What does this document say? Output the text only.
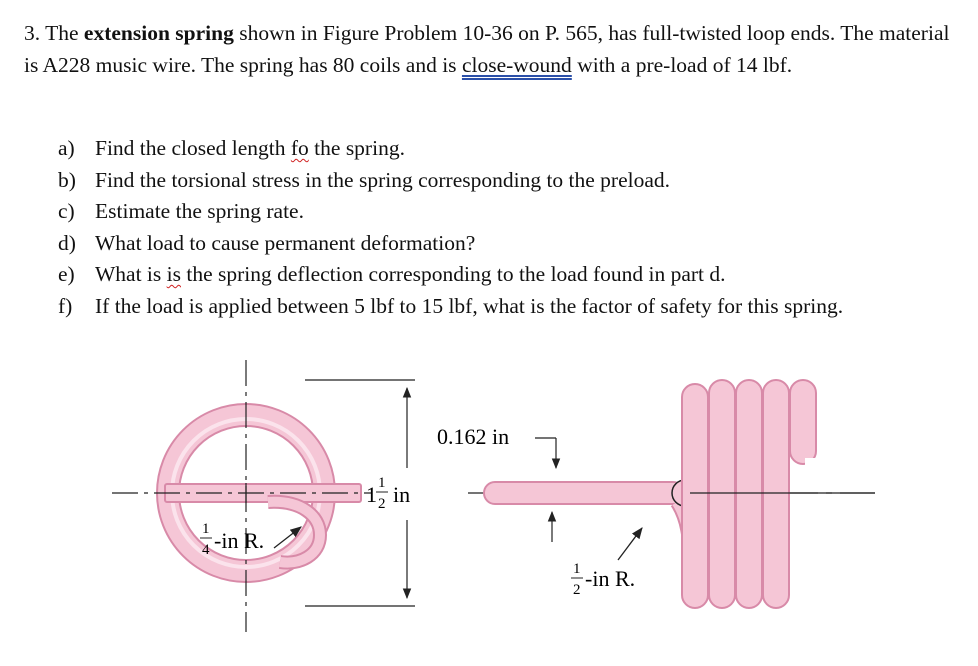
3. The extension spring shown in Figure Problem 10-36 on P. 565, has full-twisted loop ends. The material is A228 music wire. The spring has 80 coils and is close-wound with a pre-load of 14 lbf.

a) Find the closed length fo the spring.
b) Find the torsional stress in the spring corresponding to the preload.
c) Estimate the spring rate.
d) What load to cause permanent deformation?
e) What is is the spring deflection corresponding to the load found in part d.
f)	If the load is applied between 5 lbf to 15 lbf, what is the factor of safety for this spring.
1 1
2 in
1
4 -in R.
0.162 in
1
2 -in R.
